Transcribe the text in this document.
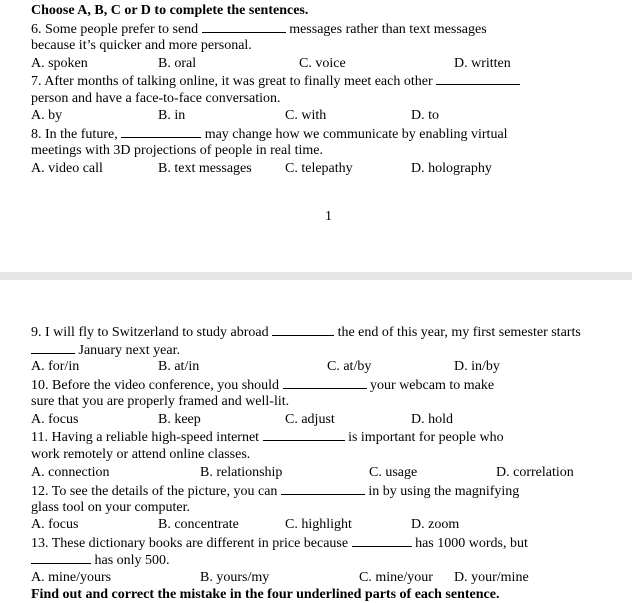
Choose A, B, C or D to complete the sentences.
6. Some people prefer to send	messages rather than text messages
because it’s quicker and more personal.
A. spoken	B. oral	C. voice	D. written
7. After months of talking online, it was great to finally meet each other
person and have a face-to-face conversation.
A. by	B. in	C. with	D. to
8. In the future,	may change how we communicate by enabling virtual
meetings with 3D projections of people in real time.
A. video call	B. text messages C. telepathy	D. holography
1
9. I will fly to Switzerland to study abroad	the end of this year, my first semester starts
January next year.
A. for/in	B. at/in	C. at/by	D. in/by
10. Before the video conference, you should	your webcam to make
sure that you are properly framed and well-lit.
A. focus	B. keep	C. adjust	D. hold
11. Having a reliable high-speed internet	is important for people who
work remotely or attend online classes.
A. connection	B. relationship	C. usage	D. correlation
12. To see the details of the picture, you can	in by using the magnifying
glass tool on your computer.
A. focus	B. concentrate	C. highlight	D. zoom
13. These dictionary books are different in price because	has 1000 words, but
has only 500.
A. mine/yours	B. yours/my	C. mine/your D. your/mine
Find out and correct the mistake in the four underlined parts of each sentence.
